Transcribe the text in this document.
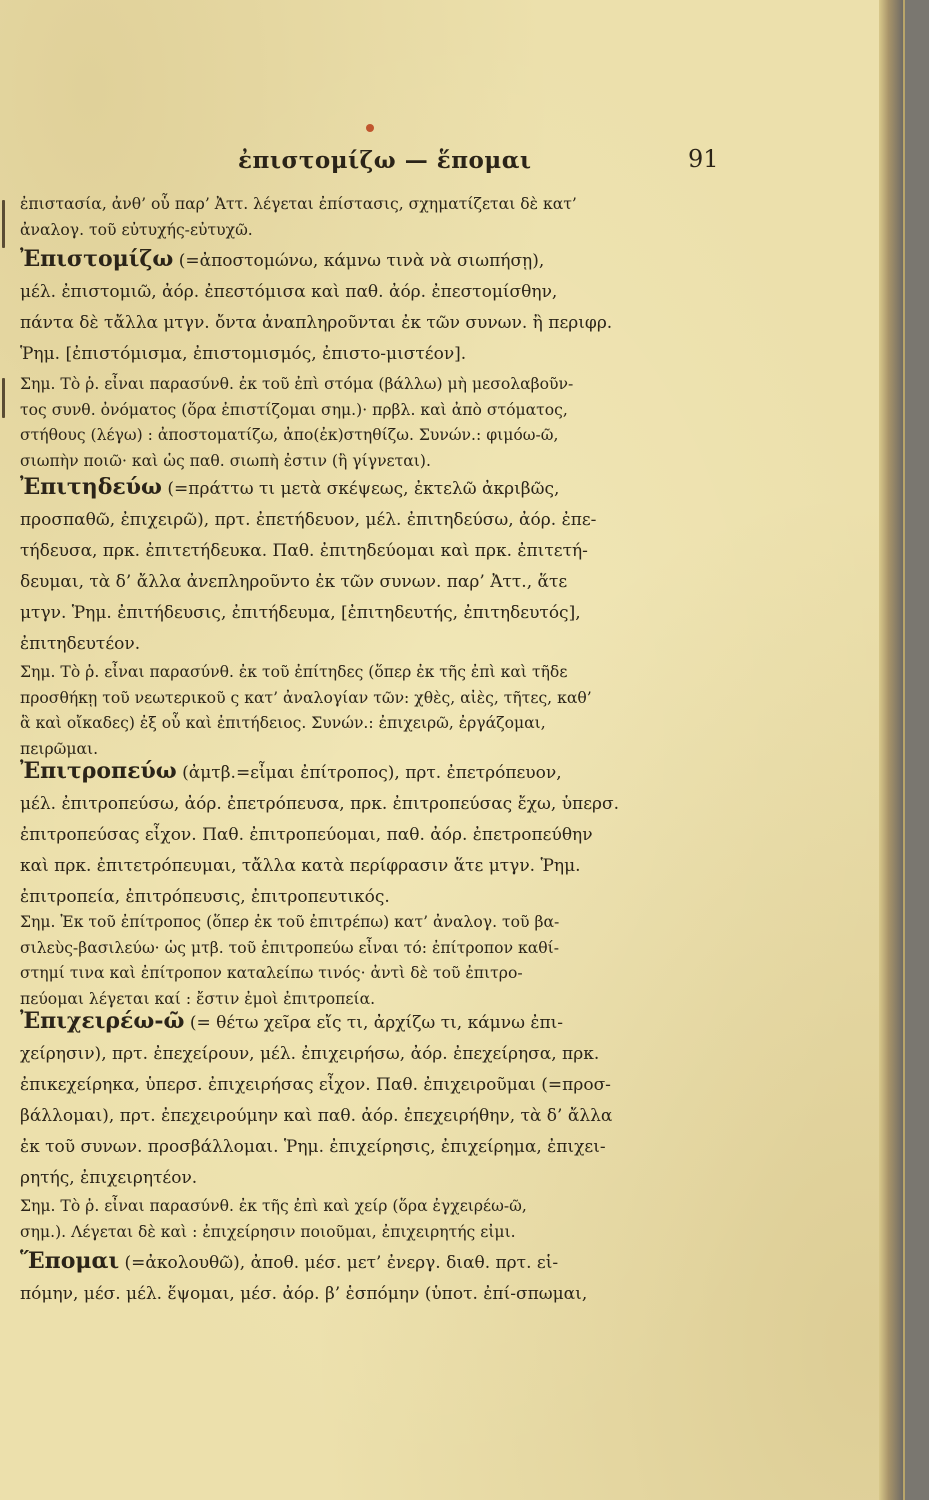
ἐπιστομίζω — ἕπομαι	91
ἐπιστασία, ἀνθ’ οὗ παρ’ Ἀττ. λέγεται ἐπίστασις, σχηματίζεται δὲ κατ’
ἀναλογ. τοῦ εὐτυχής-εὐτυχῶ.
Ἐπιστομίζω (=ἀποστομώνω, κάμνω τινὰ νὰ σιωπήσῃ),
μέλ. ἐπιστομιῶ, ἀόρ. ἐπεστόμισα καὶ παθ. ἀόρ. ἐπεστομίσθην,
πάντα δὲ τἄλλα μτγν. ὄντα ἀναπληροῦνται ἐκ τῶν συνων. ἢ περιφρ.
Ῥημ. [ἐπιστόμισμα, ἐπιστομισμός, ἐπιστο-μιστέον].
Σημ. Τὸ ῥ. εἶναι παρασύνθ. ἐκ τοῦ ἐπὶ στόμα (βάλλω) μὴ μεσολαβοῦν-
τος συνθ. ὀνόματος (ὅρα ἐπιστίζομαι σημ.)· πρβλ. καὶ ἀπὸ στόματος,
στήθους (λέγω) : ἀποστοματίζω, ἀπο(ἐκ)στηθίζω. Συνών.: φιμόω-ῶ,
σιωπὴν ποιῶ· καὶ ὡς παθ. σιωπὴ ἐστιν (ἢ γίγνεται).
Ἐπιτηδεύω (=πράττω τι μετὰ σκέψεως, ἐκτελῶ ἀκριβῶς,
προσπαθῶ, ἐπιχειρῶ), πρτ. ἐπετήδευον, μέλ. ἐπιτηδεύσω, ἀόρ. ἐπε-
τήδευσα, πρκ. ἐπιτετήδευκα. Παθ. ἐπιτηδεύομαι καὶ πρκ. ἐπιτετή-
δευμαι, τὰ δ’ ἄλλα ἀνεπληροῦντο ἐκ τῶν συνων. παρ’ Ἀττ., ἅτε
μτγν. Ῥημ. ἐπιτήδευσις, ἐπιτήδευμα, [ἐπιτηδευτής, ἐπιτηδευτός],
ἐπιτηδευτέον.
Σημ. Τὸ ῥ. εἶναι παρασύνθ. ἐκ τοῦ ἐπίτηδες (ὅπερ ἐκ τῆς ἐπὶ καὶ τῆδε
προσθήκῃ τοῦ νεωτερικοῦ ς κατ’ ἀναλογίαν τῶν: χθὲς, αἰὲς, τῆτες, καθ’
ἃ καὶ οἴκαδες) ἐξ οὗ καὶ ἐπιτήδειος. Συνών.: ἐπιχειρῶ, ἐργάζομαι,
πειρῶμαι.
Ἐπιτροπεύω (ἀμτβ.=εἶμαι ἐπίτροπος), πρτ. ἐπετρόπευον,
μέλ. ἐπιτροπεύσω, ἀόρ. ἐπετρόπευσα, πρκ. ἐπιτροπεύσας ἔχω, ὑπερσ.
ἐπιτροπεύσας εἶχον. Παθ. ἐπιτροπεύομαι, παθ. ἀόρ. ἐπετροπεύθην
καὶ πρκ. ἐπιτετρόπευμαι, τἄλλα κατὰ περίφρασιν ἅτε μτγν. Ῥημ.
ἐπιτροπεία, ἐπιτρόπευσις, ἐπιτροπευτικός.
Σημ. Ἐκ τοῦ ἐπίτροπος (ὅπερ ἐκ τοῦ ἐπιτρέπω) κατ’ ἀναλογ. τοῦ βα-
σιλεὺς-βασιλεύω· ὡς μτβ. τοῦ ἐπιτροπεύω εἶναι τό: ἐπίτροπον καθί-
στημί τινα καὶ ἐπίτροπον καταλείπω τινός· ἀντὶ δὲ τοῦ ἐπιτρο-
πεύομαι λέγεται καί : ἔστιν ἐμοὶ ἐπιτροπεία.
Ἐπιχειρέω-ῶ (= θέτω χεῖρα εἴς τι, ἀρχίζω τι, κάμνω ἐπι-
χείρησιν), πρτ. ἐπεχείρουν, μέλ. ἐπιχειρήσω, ἀόρ. ἐπεχείρησα, πρκ.
ἐπικεχείρηκα, ὑπερσ. ἐπιχειρήσας εἶχον. Παθ. ἐπιχειροῦμαι (=προσ-
βάλλομαι), πρτ. ἐπεχειρούμην καὶ παθ. ἀόρ. ἐπεχειρήθην, τὰ δ’ ἄλλα
ἐκ τοῦ συνων. προσβάλλομαι. Ῥημ. ἐπιχείρησις, ἐπιχείρημα, ἐπιχει-
ρητής, ἐπιχειρητέον.
Σημ. Τὸ ῥ. εἶναι παρασύνθ. ἐκ τῆς ἐπὶ καὶ χείρ (ὅρα ἐγχειρέω-ῶ,
σημ.). Λέγεται δὲ καὶ : ἐπιχείρησιν ποιοῦμαι, ἐπιχειρητής εἰμι.
Ἕπομαι (=ἀκολουθῶ), ἀποθ. μέσ. μετ’ ἐνεργ. διαθ. πρτ. εἱ-
πόμην, μέσ. μέλ. ἕψομαι, μέσ. ἀόρ. β’ ἑσπόμην (ὑποτ. ἐπί-σπωμαι,
